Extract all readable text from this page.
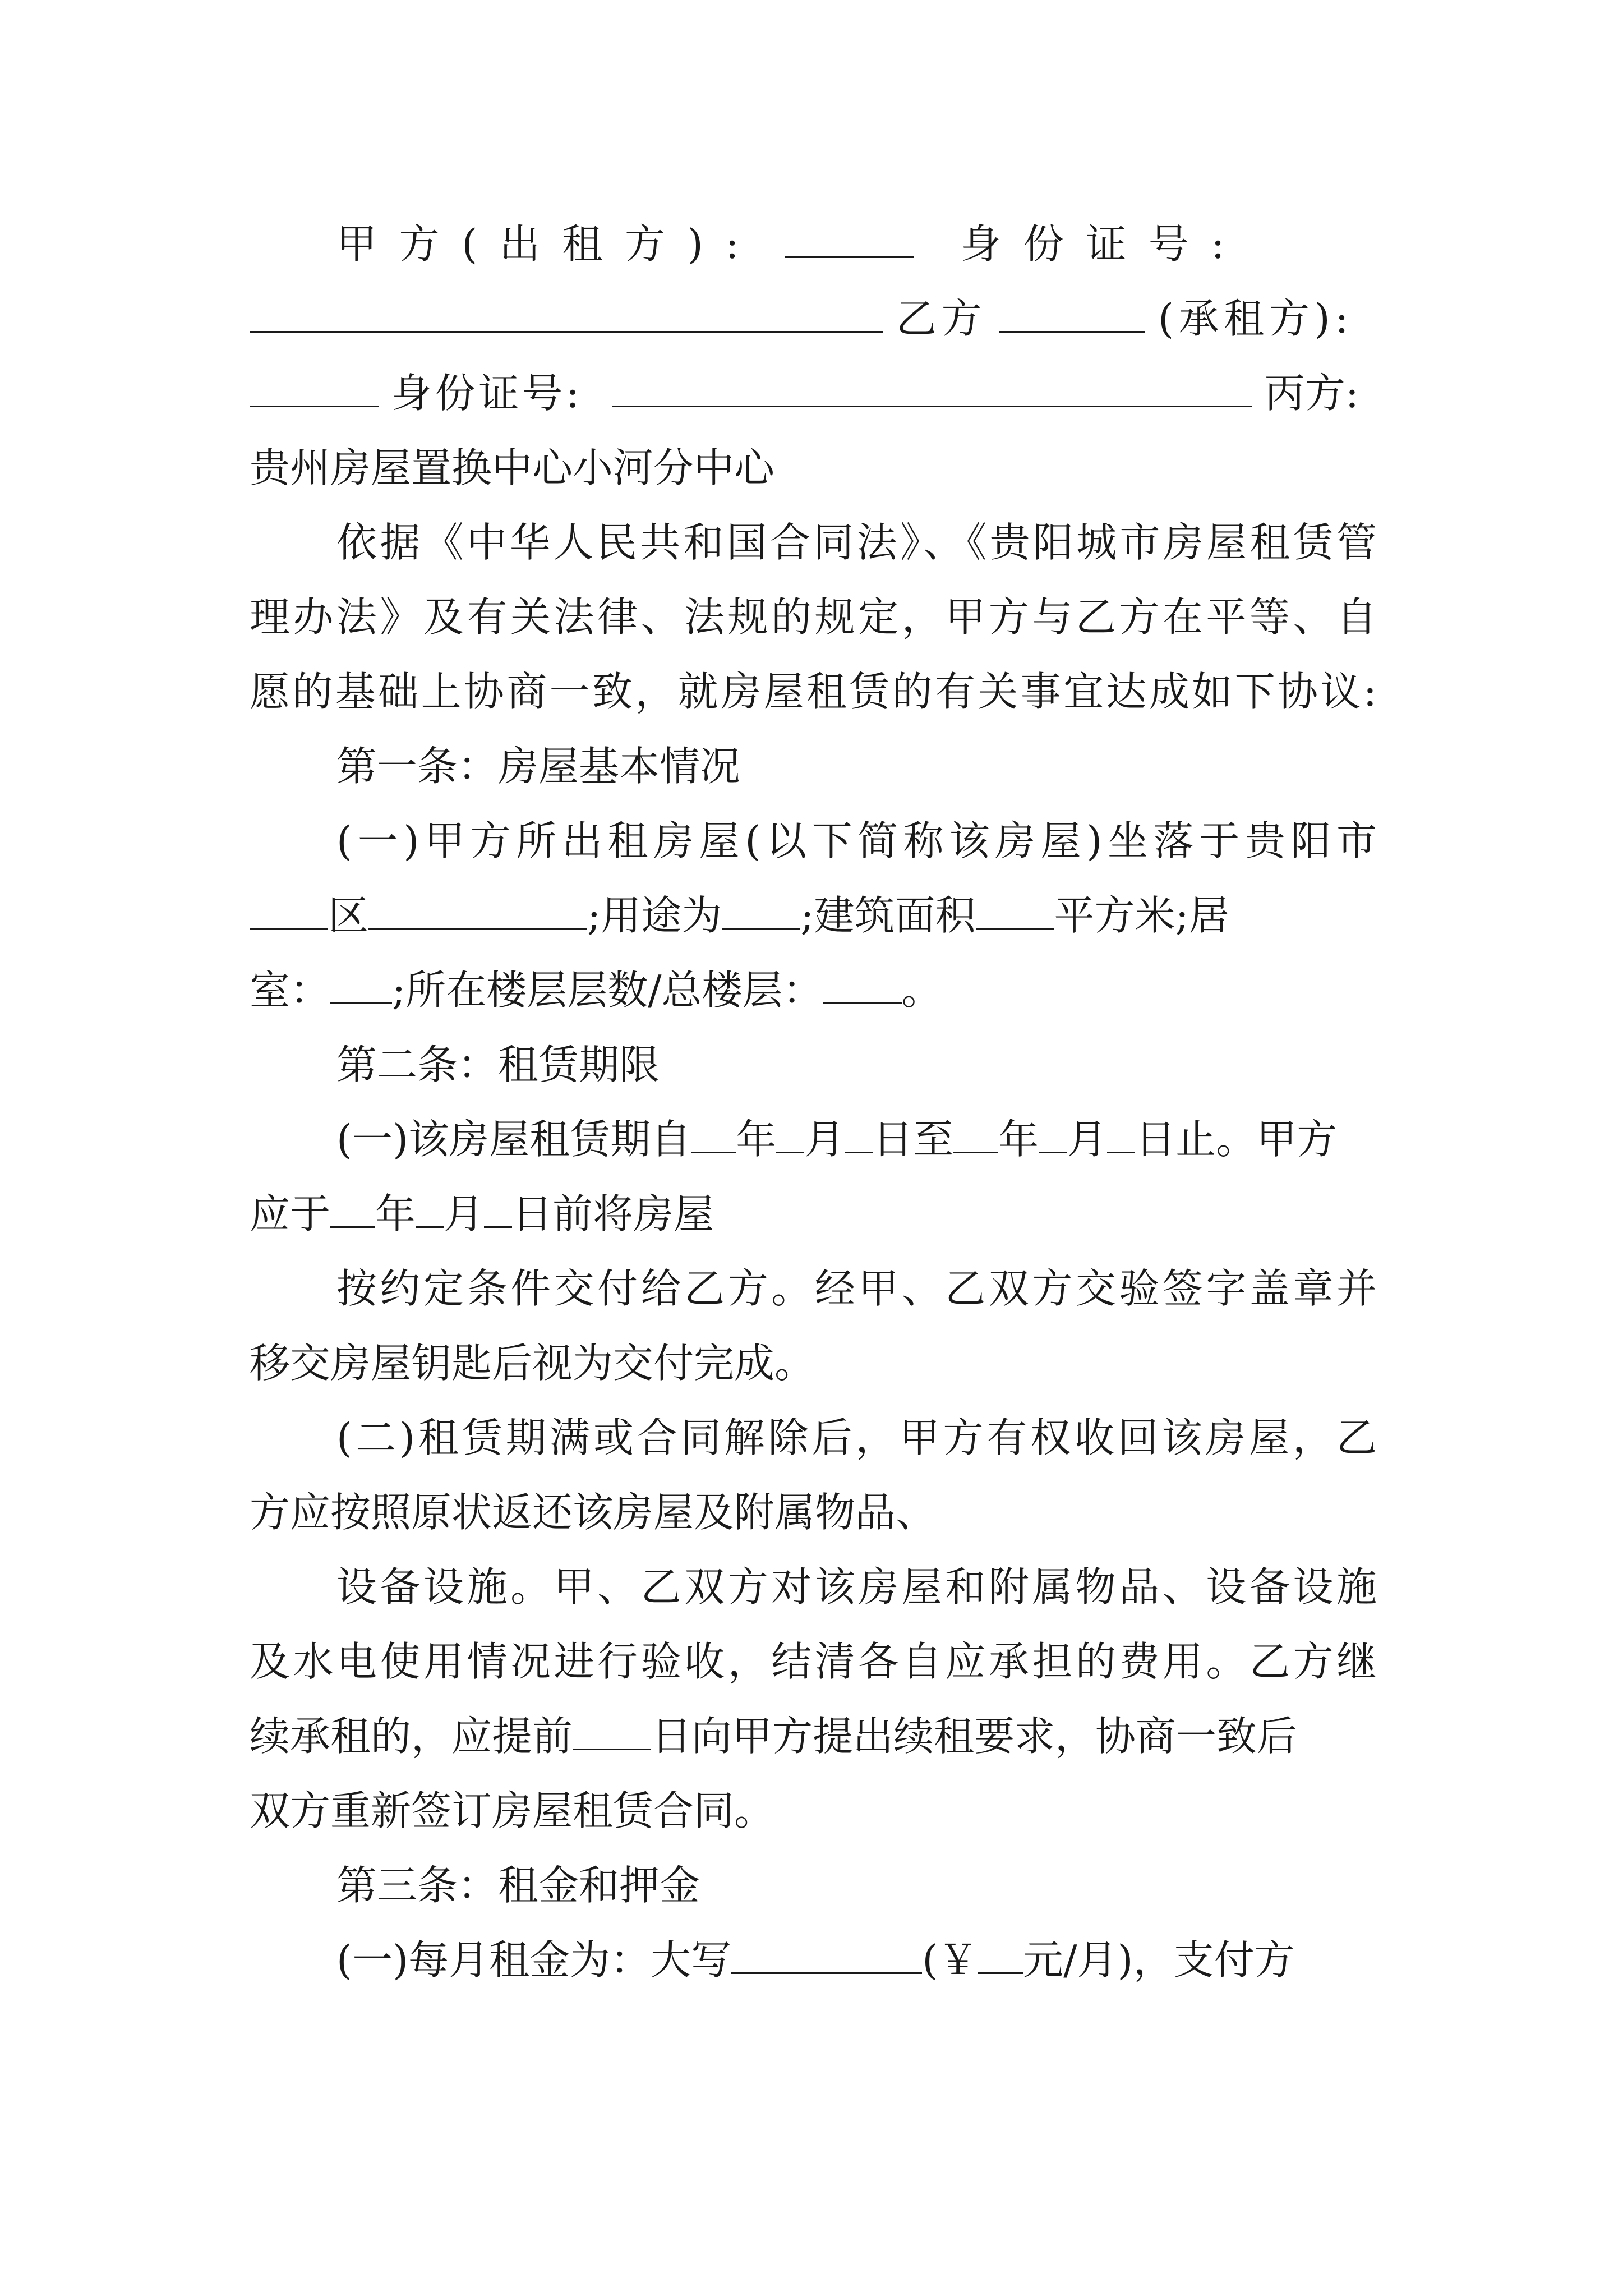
甲方(出租方):	身份证号:
乙方	(承租方):
身份证号:	丙方:
贵州房屋置换中心小河分中心
依据《中华人民共和国合同法》、《贵阳城市房屋租赁管
理办法》及有关法律、法规的规定，甲方与乙方在平等、自
愿的基础上协商一致，就房屋租赁的有关事宜达成如下协议:
第一条：房屋基本情况
(一)甲方所出租房屋(以下简称该房屋)坐落于贵阳市
区	;用途为 ;建筑面积 平方米;居
室： ;所在楼层层数/总楼层： 。
第二条：租赁期限
(一)该房屋租赁期自 年 月 日至 年 月 日止。甲方
应于 年 月 日前将房屋
按约定条件交付给乙方。经甲、乙双方交验签字盖章并
移交房屋钥匙后视为交付完成。
(二)租赁期满或合同解除后，甲方有权收回该房屋，乙
方应按照原状返还该房屋及附属物品、
设备设施。甲、乙双方对该房屋和附属物品、设备设施
及水电使用情况进行验收，结清各自应承担的费用。乙方继
续承租的，应提前 日向甲方提出续租要求，协商一致后
双方重新签订房屋租赁合同。
第三条：租金和押金
(一)每月租金为：大写	(￥ 元/月)，支付方
